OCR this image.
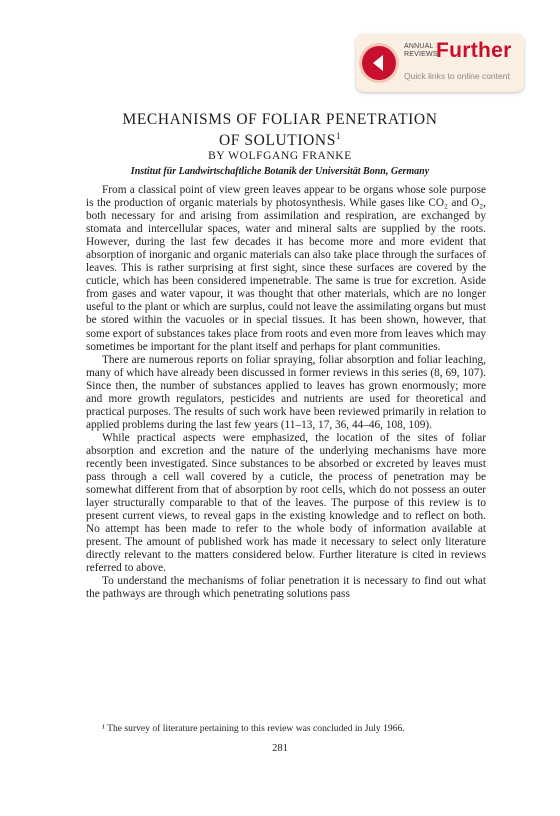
ANNUAL
REVIEWS
Further
Quick links to online content
MECHANISMS OF FOLIAR PENETRATION
OF SOLUTIONS$^1$
BY WOLFGANG FRANKE
Institut für Landwirtschaftliche Botanik der Universität Bonn, Germany

From a classical point of view green leaves appear to be organs whose sole purpose is the production of organic materials by photosynthesis. While gases like CO₂ and O₂, both necessary for and arising from assimilation and respiration, are exchanged by stomata and intercellular spaces, water and mineral salts are supplied by the roots. However, during the last few decades it has become more and more evident that absorption of inorganic and organic materials can also take place through the surfaces of leaves. This is rather surprising at first sight, since these surfaces are covered by the cuticle, which has been considered impenetrable. The same is true for excretion. Aside from gases and water vapour, it was thought that other materials, which are no longer useful to the plant or which are surplus, could not leave the assimilating organs but must be stored within the vacuoles or in special tissues. It has been shown, however, that some export of substances takes place from roots and even more from leaves which may sometimes be important for the plant itself and perhaps for plant communities.

There are numerous reports on foliar spraying, foliar absorption and foliar leaching, many of which have already been discussed in former reviews in this series (8, 69, 107). Since then, the number of substances applied to leaves has grown enormously; more and more growth regulators, pesticides and nutrients are used for theoretical and practical purposes. The results of such work have been reviewed primarily in relation to applied problems during the last few years (11–13, 17, 36, 44–46, 108, 109).

While practical aspects were emphasized, the location of the sites of foliar absorption and excretion and the nature of the underlying mechanisms have more recently been investigated. Since substances to be absorbed or excreted by leaves must pass through a cell wall covered by a cuticle, the process of penetration may be somewhat different from that of absorption by root cells, which do not possess an outer layer structurally comparable to that of the leaves. The purpose of this review is to present current views, to reveal gaps in the existing knowledge and to reflect on both. No attempt has been made to refer to the whole body of information available at present. The amount of published work has made it necessary to select only literature directly relevant to the matters considered below. Further literature is cited in reviews referred to above.

To understand the mechanisms of foliar penetration it is necessary to find out what the pathways are through which penetrating solutions pass

¹ The survey of literature pertaining to this review was concluded in July 1966.
281
